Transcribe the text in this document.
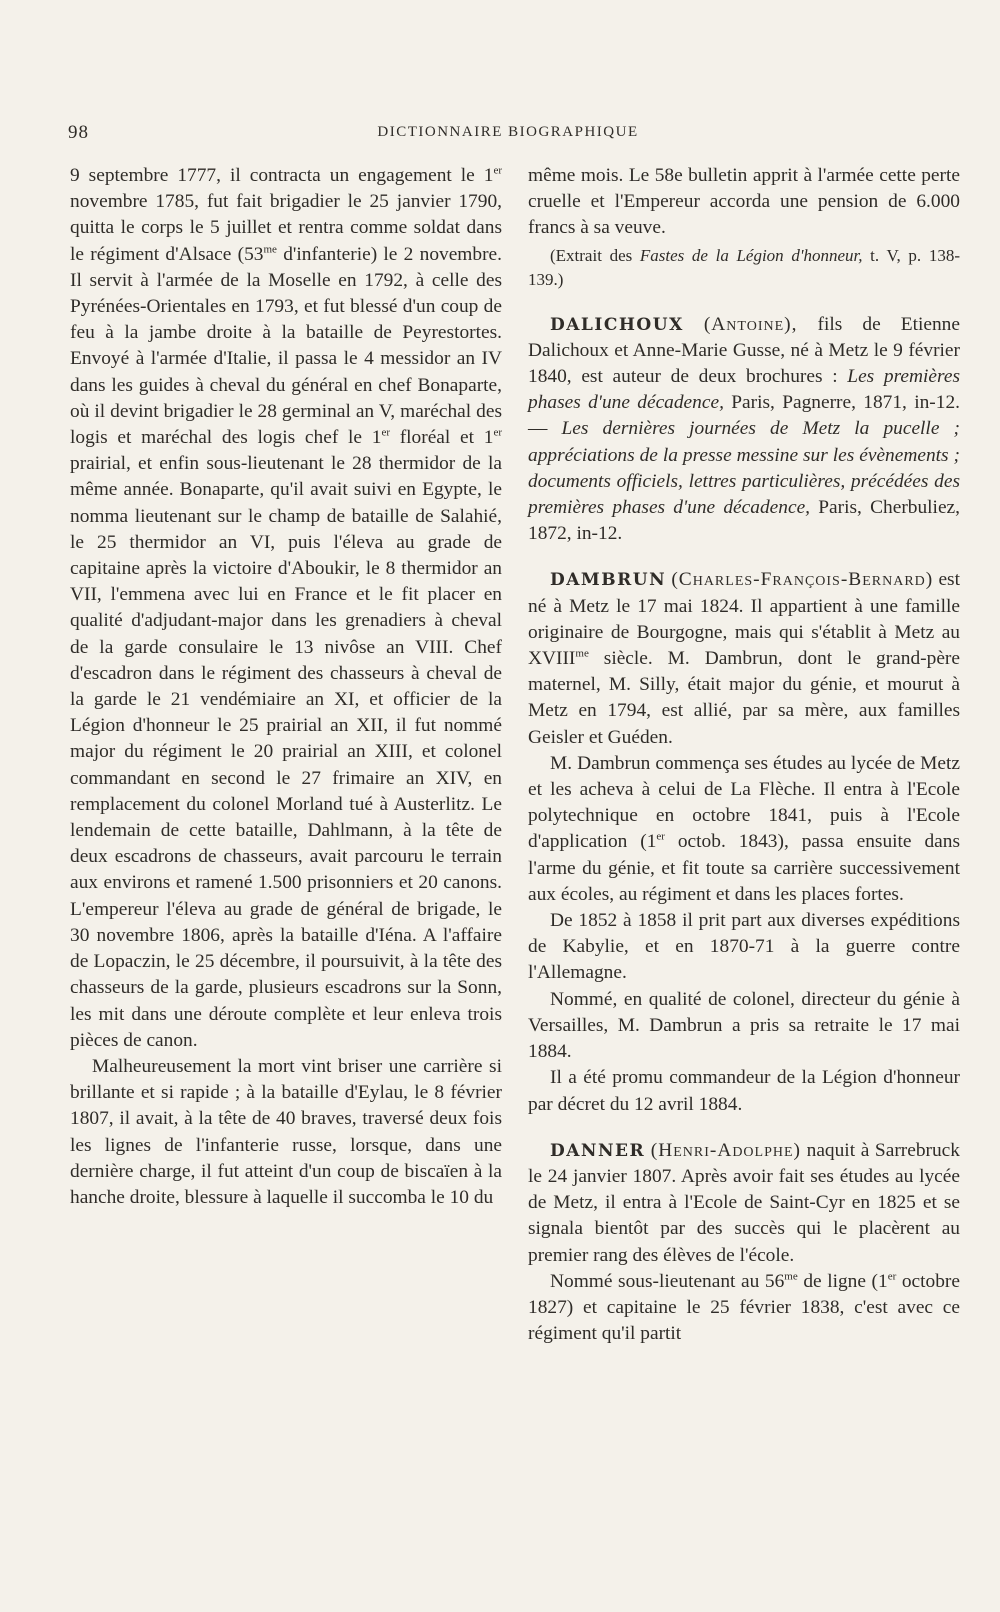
98	DICTIONNAIRE BIOGRAPHIQUE

9 septembre 1777, il contracta un engagement le 1er novembre 1785, fut fait brigadier le 25 janvier 1790, quitta le corps le 5 juillet et rentra comme soldat dans le régiment d'Alsace ($53^{me}$ d'infanterie) le 2 novembre. Il servit à l'armée de la Moselle en 1792, à celle des Pyrénées-Orientales en 1793, et fut blessé d'un coup de feu à la jambe droite à la bataille de Peyrestortes. Envoyé à l'armée d'Italie, il passa le 4 messidor an IV dans les guides à cheval du général en chef Bonaparte, où il devint brigadier le 28 germinal an V, maréchal des logis et maréchal des logis chef le 1er floréal et 1er prairial, et enfin sous-lieutenant le 28 thermidor de la même année. Bonaparte, qu'il avait suivi en Egypte, le nomma lieutenant sur le champ de bataille de Salahié, le 25 thermidor an VI, puis l'éleva au grade de capitaine après la victoire d'Aboukir, le 8 thermidor an VII, l'emmena avec lui en France et le fit placer en qualité d'adjudant-major dans les grenadiers à cheval de la garde consulaire le 13 nivôse an VIII. Chef d'escadron dans le régiment des chasseurs à cheval de la garde le 21 vendémiaire an XI, et officier de la Légion d'honneur le 25 prairial an XII, il fut nommé major du régiment le 20 prairial an XIII, et colonel commandant en second le 27 frimaire an XIV, en remplacement du colonel Morland tué à Austerlitz. Le lendemain de cette bataille, Dahlmann, à la tête de deux escadrons de chasseurs, avait parcouru le terrain aux environs et ramené 1.500 prisonniers et 20 canons. L'empereur l'éleva au grade de général de brigade, le 30 novembre 1806, après la bataille d'Iéna. A l'affaire de Lopaczin, le 25 décembre, il poursuivit, à la tête des chasseurs de la garde, plusieurs escadrons sur la Sonn, les mit dans une déroute complète et leur enleva trois pièces de canon.

Malheureusement la mort vint briser une carrière si brillante et si rapide ; à la bataille d'Eylau, le 8 février 1807, il avait, à la tête de 40 braves, traversé deux fois les lignes de l'infanterie russe, lorsque, dans une dernière charge, il fut atteint d'un coup de biscaïen à la hanche droite, blessure à laquelle il succomba le 10 du

même mois. Le 58e bulletin apprit à l'armée cette perte cruelle et l'Empereur accorda une pension de 6.000 francs à sa veuve.

(Extrait des Fastes de la Légion d'honneur, t. V, p. 138-139.)

DALICHOUX (Antoine), fils de Etienne Dalichoux et Anne-Marie Gusse, né à Metz le 9 février 1840, est auteur de deux brochures : Les premières phases d'une décadence, Paris, Pagnerre, 1871, in-12. — Les dernières journées de Metz la pucelle ; appréciations de la presse messine sur les évènements ; documents officiels, lettres particulières, précédées des premières phases d'une décadence, Paris, Cherbuliez, 1872, in-12.

DAMBRUN (Charles-François-Bernard) est né à Metz le 17 mai 1824. Il appartient à une famille originaire de Bourgogne, mais qui s'établit à Metz au $XVIII^{me}$ siècle. M. Dambrun, dont le grand-père maternel, M. Silly, était major du génie, et mourut à Metz en 1794, est allié, par sa mère, aux familles Geisler et Guéden.

M. Dambrun commença ses études au lycée de Metz et les acheva à celui de La Flèche. Il entra à l'Ecole polytechnique en octobre 1841, puis à l'Ecole d'application (1er octob. 1843), passa ensuite dans l'arme du génie, et fit toute sa carrière successivement aux écoles, au régiment et dans les places fortes.

De 1852 à 1858 il prit part aux diverses expéditions de Kabylie, et en 1870-71 à la guerre contre l'Allemagne.

Nommé, en qualité de colonel, directeur du génie à Versailles, M. Dambrun a pris sa retraite le 17 mai 1884.

Il a été promu commandeur de la Légion d'honneur par décret du 12 avril 1884.

DANNER (Henri-Adolphe) naquit à Sarrebruck le 24 janvier 1807. Après avoir fait ses études au lycée de Metz, il entra à l'Ecole de Saint-Cyr en 1825 et se signala bientôt par des succès qui le placèrent au premier rang des élèves de l'école.

Nommé sous-lieutenant au $56^{me}$ de ligne (1er octobre 1827) et capitaine le 25 février 1838, c'est avec ce régiment qu'il partit
